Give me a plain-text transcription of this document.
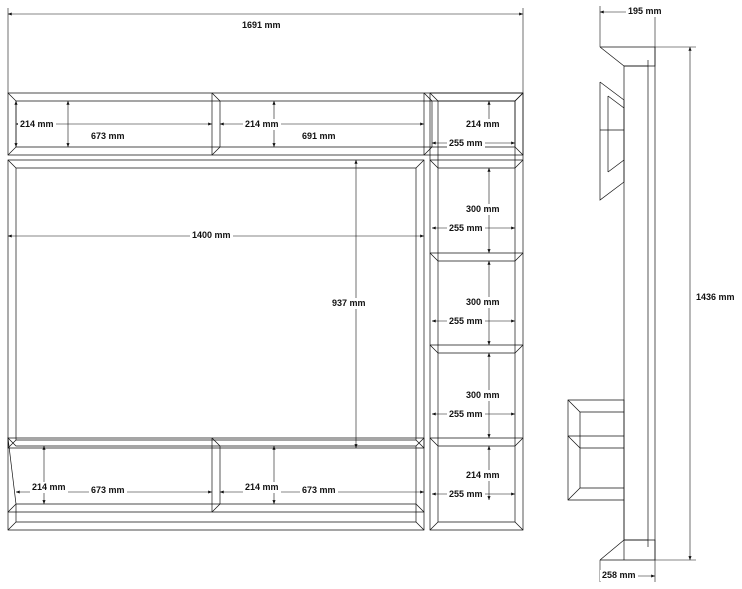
1691 mm
214 mm
673 mm
214 mm
691 mm
214 mm
255 mm
1400 mm
937 mm
300 mm
255 mm
300 mm
255 mm
300 mm
255 mm
214 mm
255 mm
214 mm	673 mm	214 mm	673 mm
195 mm
1436 mm
258 mm
